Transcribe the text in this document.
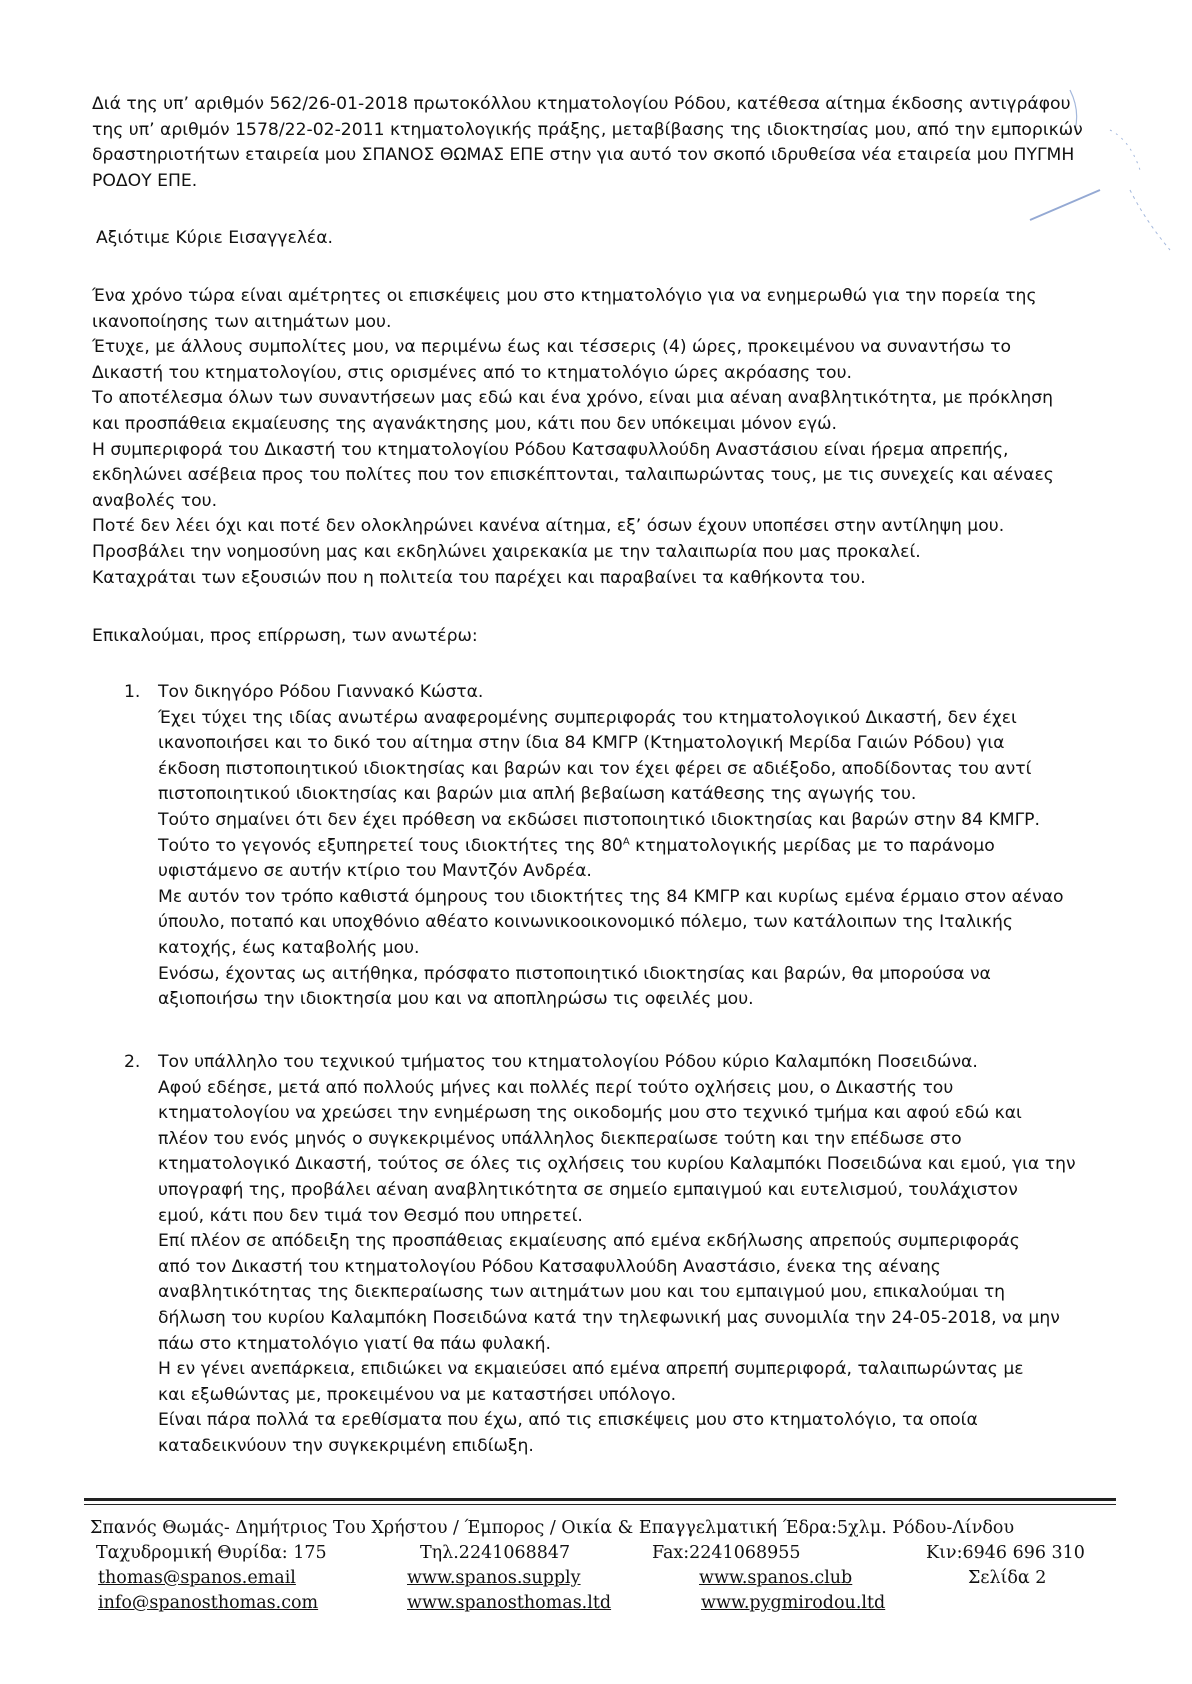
Διά της υπ’ αριθμόν 562/26-01-2018 πρωτοκόλλου κτηματολογίου Ρόδου, κατέθεσα αίτημα έκδοσης αντιγράφου
της υπ’ αριθμόν 1578/22-02-2011 κτηματολογικής πράξης, μεταβίβασης της ιδιοκτησίας μου, από την εμπορικών
δραστηριοτήτων εταιρεία μου ΣΠΑΝΟΣ ΘΩΜΑΣ ΕΠΕ στην για αυτό τον σκοπό ιδρυθείσα νέα εταιρεία μου ΠΥΓΜΗ
ΡΟΔΟΥ ΕΠΕ.
Αξιότιμε Κύριε Εισαγγελέα.
Ένα χρόνο τώρα είναι αμέτρητες οι επισκέψεις μου στο κτηματολόγιο για να ενημερωθώ για την πορεία της
ικανοποίησης των αιτημάτων μου.
Έτυχε, με άλλους συμπολίτες μου, να περιμένω έως και τέσσερις (4) ώρες, προκειμένου να συναντήσω το
Δικαστή του κτηματολογίου, στις ορισμένες από το κτηματολόγιο ώρες ακρόασης του.
Το αποτέλεσμα όλων των συναντήσεων μας εδώ και ένα χρόνο, είναι μια αέναη αναβλητικότητα, με πρόκληση
και προσπάθεια εκμαίευσης της αγανάκτησης μου, κάτι που δεν υπόκειμαι μόνον εγώ.
Η συμπεριφορά του Δικαστή του κτηματολογίου Ρόδου Κατσαφυλλούδη Αναστάσιου είναι ήρεμα απρεπής,
εκδηλώνει ασέβεια προς του πολίτες που τον επισκέπτονται, ταλαιπωρώντας τους, με τις συνεχείς και αέναες
αναβολές του.
Ποτέ δεν λέει όχι και ποτέ δεν ολοκληρώνει κανένα αίτημα, εξ’ όσων έχουν υποπέσει στην αντίληψη μου.
Προσβάλει την νοημοσύνη μας και εκδηλώνει χαιρεκακία με την ταλαιπωρία που μας προκαλεί.
Καταχράται των εξουσιών που η πολιτεία του παρέχει και παραβαίνει τα καθήκοντα του.
Επικαλούμαι, προς επίρρωση, των ανωτέρω:
1. Τον δικηγόρο Ρόδου Γιαννακό Κώστα.
Έχει τύχει της ιδίας ανωτέρω αναφερομένης συμπεριφοράς του κτηματολογικού Δικαστή, δεν έχει
ικανοποιήσει και το δικό του αίτημα στην ίδια 84 ΚΜΓΡ (Κτηματολογική Μερίδα Γαιών Ρόδου) για
έκδοση πιστοποιητικού ιδιοκτησίας και βαρών και τον έχει φέρει σε αδιέξοδο, αποδίδοντας του αντί
πιστοποιητικού ιδιοκτησίας και βαρών μια απλή βεβαίωση κατάθεσης της αγωγής του.
Τούτο σημαίνει ότι δεν έχει πρόθεση να εκδώσει πιστοποιητικό ιδιοκτησίας και βαρών στην 84 ΚΜΓΡ.
Τούτο το γεγονός εξυπηρετεί τους ιδιοκτήτες της $80^A$ κτηματολογικής μερίδας με το παράνομο
υφιστάμενο σε αυτήν κτίριο του Μαντζόν Ανδρέα.
Με αυτόν τον τρόπο καθιστά όμηρους του ιδιοκτήτες της 84 ΚΜΓΡ και κυρίως εμένα έρμαιο στον αέναο
ύπουλο, ποταπό και υποχθόνιο αθέατο κοινωνικοοικονομικό πόλεμο, των κατάλοιπων της Ιταλικής
κατοχής, έως καταβολής μου.
Ενόσω, έχοντας ως αιτήθηκα, πρόσφατο πιστοποιητικό ιδιοκτησίας και βαρών, θα μπορούσα να
αξιοποιήσω την ιδιοκτησία μου και να αποπληρώσω τις οφειλές μου.
2. Τον υπάλληλο του τεχνικού τμήματος του κτηματολογίου Ρόδου κύριο Καλαμπόκη Ποσειδώνα.
Αφού εδέησε, μετά από πολλούς μήνες και πολλές περί τούτο οχλήσεις μου, ο Δικαστής του
κτηματολογίου να χρεώσει την ενημέρωση της οικοδομής μου στο τεχνικό τμήμα και αφού εδώ και
πλέον του ενός μηνός ο συγκεκριμένος υπάλληλος διεκπεραίωσε τούτη και την επέδωσε στο
κτηματολογικό Δικαστή, τούτος σε όλες τις οχλήσεις του κυρίου Καλαμπόκι Ποσειδώνα και εμού, για την
υπογραφή της, προβάλει αέναη αναβλητικότητα σε σημείο εμπαιγμού και ευτελισμού, τουλάχιστον
εμού, κάτι που δεν τιμά τον Θεσμό που υπηρετεί.
Επί πλέον σε απόδειξη της προσπάθειας εκμαίευσης από εμένα εκδήλωσης απρεπούς συμπεριφοράς
από τον Δικαστή του κτηματολογίου Ρόδου Κατσαφυλλούδη Αναστάσιο, ένεκα της αέναης
αναβλητικότητας της διεκπεραίωσης των αιτημάτων μου και του εμπαιγμού μου, επικαλούμαι τη
δήλωση του κυρίου Καλαμπόκη Ποσειδώνα κατά την τηλεφωνική μας συνομιλία την 24-05-2018, να μην
πάω στο κτηματολόγιο γιατί θα πάω φυλακή.
Η εν γένει ανεπάρκεια, επιδιώκει να εκμαιεύσει από εμένα απρεπή συμπεριφορά, ταλαιπωρώντας με
και εξωθώντας με, προκειμένου να με καταστήσει υπόλογο.
Είναι πάρα πολλά τα ερεθίσματα που έχω, από τις επισκέψεις μου στο κτηματολόγιο, τα οποία
καταδεικνύουν την συγκεκριμένη επιδίωξη.
Σπανός Θωμάς- Δημήτριος Του Χρήστου / Έμπορος / Οικία & Επαγγελματική Έδρα:5χλμ. Ρόδου-Λίνδου
Ταχυδρομική Θυρίδα: 175	Τηλ.2241068847	Fax:2241068955	Κιν:6946 696 310
thomas@spanos.email	www.spanos.supply	www.spanos.club	Σελίδα 2
info@spanosthomas.com	www.spanosthomas.ltd	www.pygmirodou.ltd
